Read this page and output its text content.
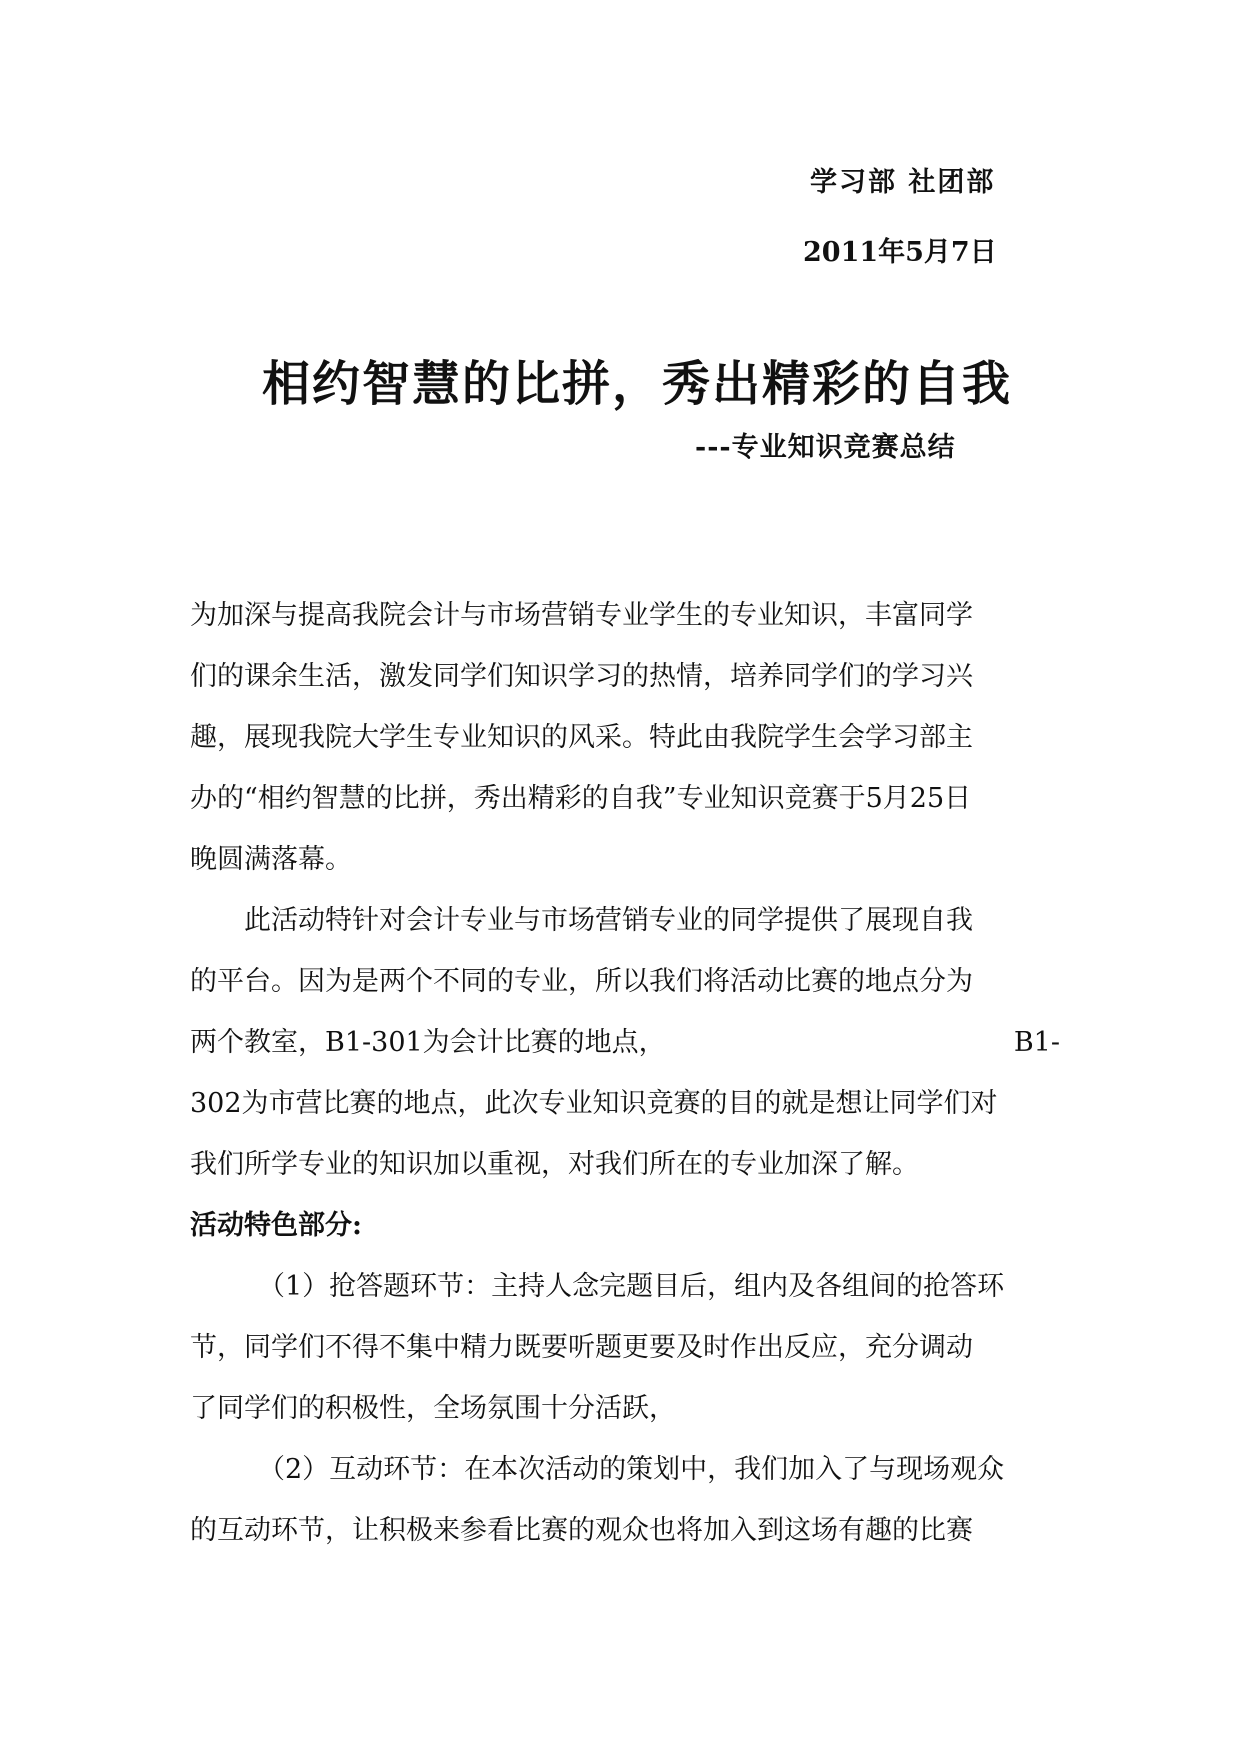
学习部 社团部
2011年5月7日
相约智慧的比拼，秀出精彩的自我
---专业知识竞赛总结
为加深与提高我院会计与市场营销专业学生的专业知识，丰富同学
们的课余生活，激发同学们知识学习的热情，培养同学们的学习兴
趣，展现我院大学生专业知识的风采。特此由我院学生会学习部主
办的“相约智慧的比拼，秀出精彩的自我”专业知识竞赛于5月25日
晚圆满落幕。
此活动特针对会计专业与市场营销专业的同学提供了展现自我
的平台。因为是两个不同的专业，所以我们将活动比赛的地点分为
两个教室，B1-301为会计比赛的地点，	B1-
302为市营比赛的地点，此次专业知识竞赛的目的就是想让同学们对
我们所学专业的知识加以重视，对我们所在的专业加深了解。
活动特色部分:
（1）抢答题环节：主持人念完题目后，组内及各组间的抢答环
节，同学们不得不集中精力既要听题更要及时作出反应，充分调动
了同学们的积极性，全场氛围十分活跃，
（2）互动环节：在本次活动的策划中，我们加入了与现场观众
的互动环节，让积极来参看比赛的观众也将加入到这场有趣的比赛
